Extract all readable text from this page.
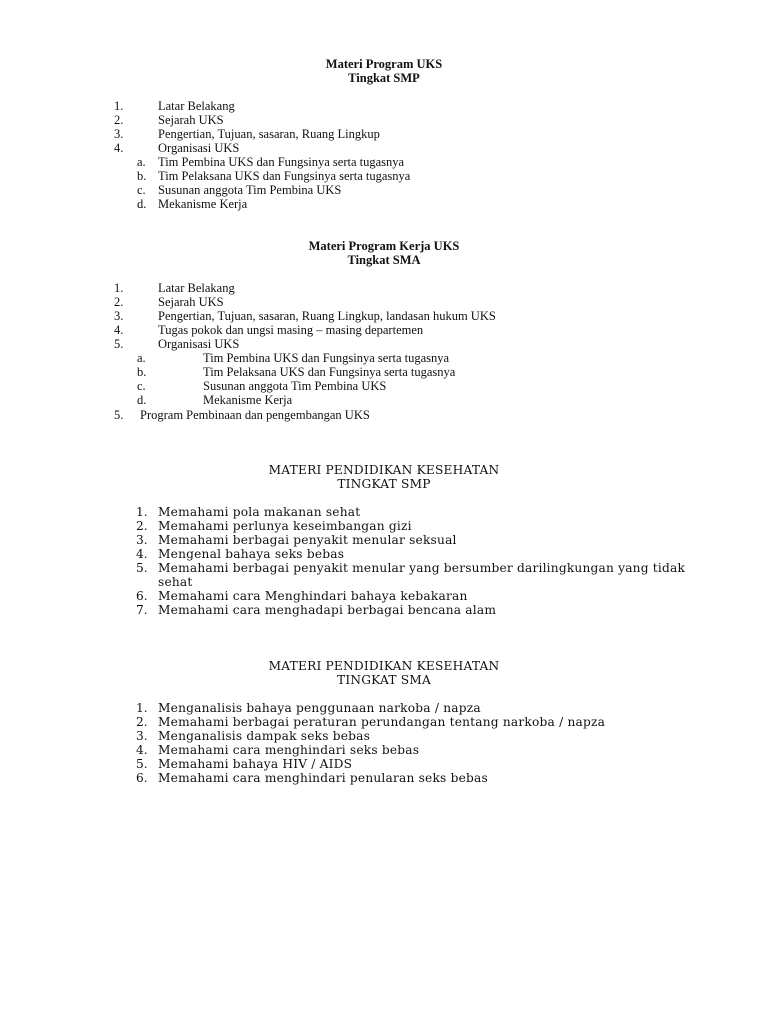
Materi Program UKS
Tingkat SMP
1.	Latar Belakang
2.	Sejarah UKS
3.	Pengertian, Tujuan, sasaran, Ruang Lingkup
4.	Organisasi UKS
a. Tim Pembina UKS dan Fungsinya serta tugasnya
b. Tim Pelaksana UKS dan Fungsinya serta tugasnya
c. Susunan anggota Tim Pembina UKS
d. Mekanisme Kerja
Materi Program Kerja UKS
Tingkat SMA
1.	Latar Belakang
2.	Sejarah UKS
3.	Pengertian, Tujuan, sasaran, Ruang Lingkup, landasan hukum UKS
4.	Tugas pokok dan ungsi masing – masing departemen
5.	Organisasi UKS
a.	Tim Pembina UKS dan Fungsinya serta tugasnya
b.	Tim Pelaksana UKS dan Fungsinya serta tugasnya
c.	Susunan anggota Tim Pembina UKS
d.	Mekanisme Kerja
5. Program Pembinaan dan pengembangan UKS
MATERI PENDIDIKAN KESEHATAN
TINGKAT SMP
1. Memahami pola makanan sehat
2. Memahami perlunya keseimbangan gizi
3. Memahami berbagai penyakit menular seksual
4. Mengenal bahaya seks bebas
5. Memahami berbagai penyakit menular yang bersumber darilingkungan yang tidak
sehat
6. Memahami cara Menghindari bahaya kebakaran
7. Memahami cara menghadapi berbagai bencana alam
MATERI PENDIDIKAN KESEHATAN
TINGKAT SMA
1. Menganalisis bahaya penggunaan narkoba / napza
2. Memahami berbagai peraturan perundangan tentang narkoba / napza
3. Menganalisis dampak seks bebas
4. Memahami cara menghindari seks bebas
5. Memahami bahaya HIV / AIDS
6. Memahami cara menghindari penularan seks bebas
